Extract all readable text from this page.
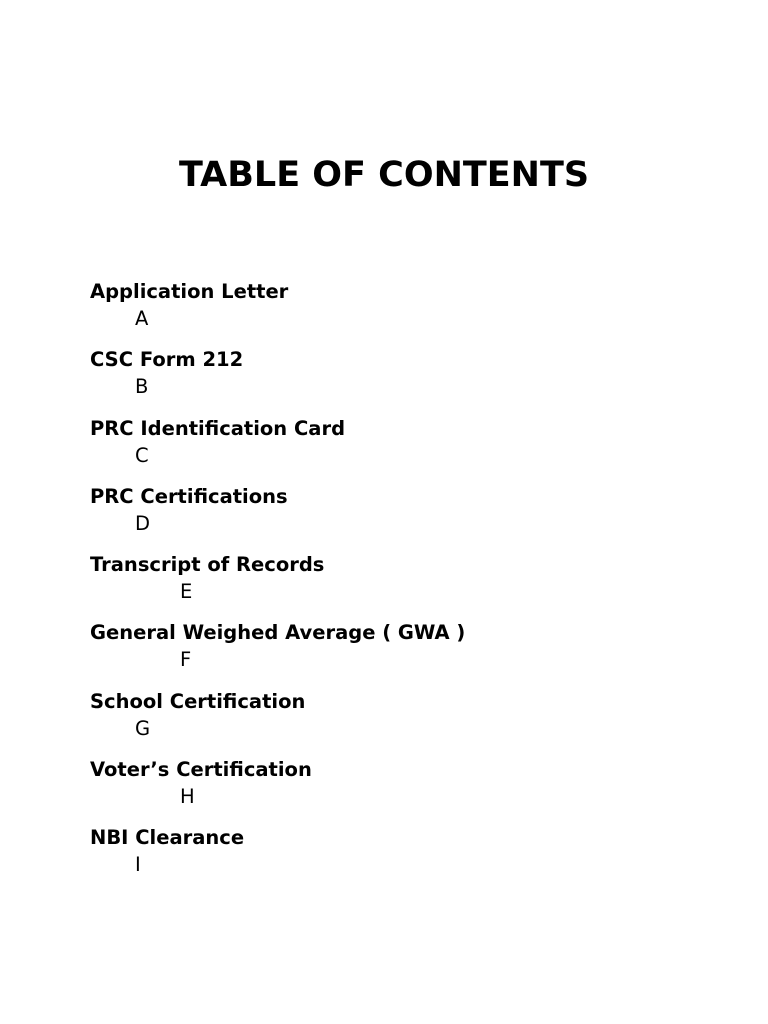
TABLE OF CONTENTS
Application Letter
A
CSC Form 212
B
PRC Identification Card
C
PRC Certifications
D
Transcript of Records
E
General Weighed Average ( GWA )
F
School Certification
G
Voter’s Certification
H
NBI Clearance
I
